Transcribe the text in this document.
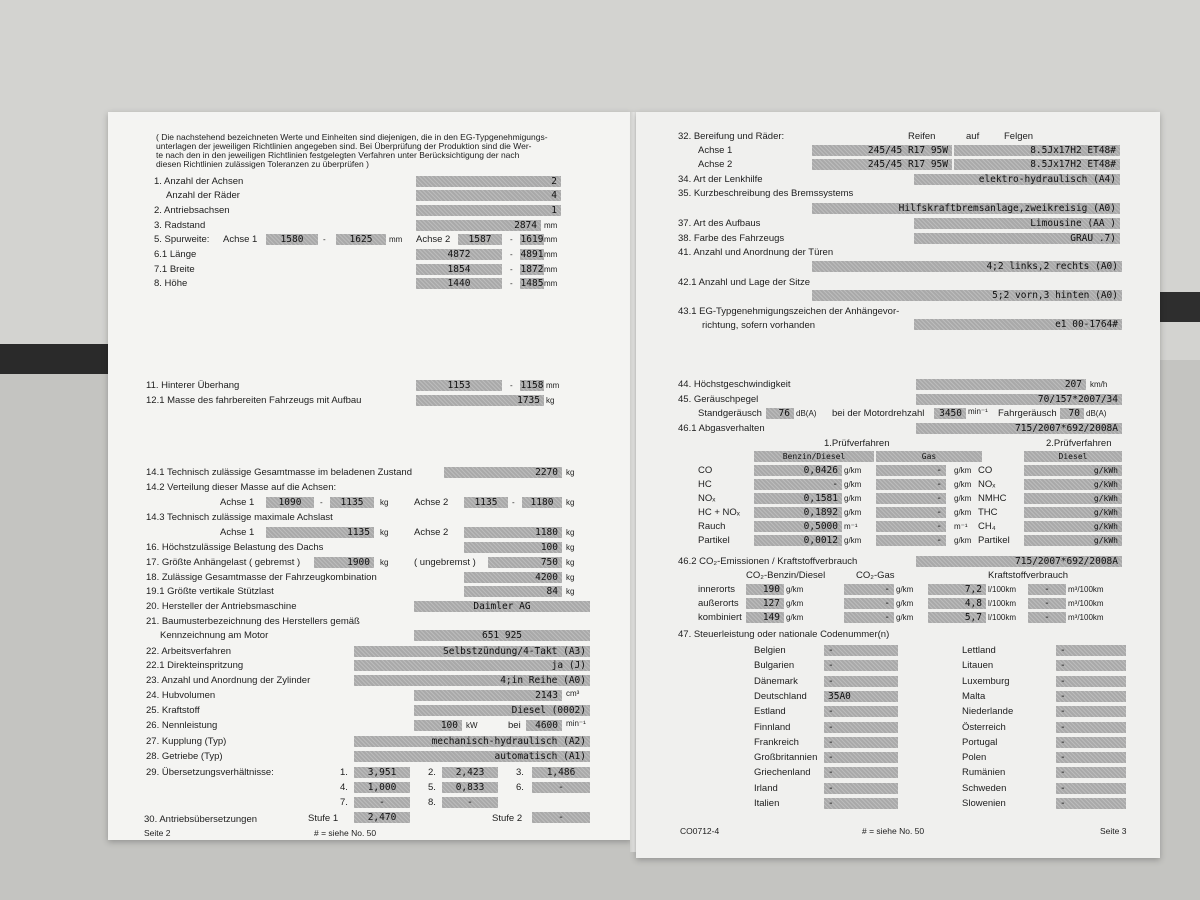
( Die nachstehend bezeichneten Werte und Einheiten sind diejenigen, die in den EG-Typgenehmigungs-
unterlagen der jeweiligen Richtlinien angegeben sind. Bei Überprüfung der Produktion sind die Wer-
te nach den in den jeweiligen Richtlinien festgelegten Verfahren unter Berücksichtigung der nach
diesen Richtlinien zulässigen Toleranzen zu überprüfen )
1. Anzahl der Achsen	2
Anzahl der Räder	4
2. Antriebsachsen	1
3. Radstand	2874 mm
5. Spurweite: Achse 1	1580	-	1625	mm Achse 2	1587	- 1619 mm
6.1 Länge	4872	- 4891 mm
7.1 Breite	1854	- 1872 mm
8. Höhe	1440	- 1485 mm
11. Hinterer Überhang	1153	- 1158 mm
12.1 Masse des fahrbereiten Fahrzeugs mit Aufbau	1735 kg
14.1 Technisch zulässige Gesamtmasse im beladenen Zustand	2270	kg
14.2 Verteilung dieser Masse auf die Achsen:
Achse 1	1090	-	1135	kg	Achse 2	1135	-	1180	kg
14.3 Technisch zulässige maximale Achslast
Achse 1	1135	kg	Achse 2	1180	kg
16. Höchstzulässige Belastung des Dachs	100	kg
17. Größte Anhängelast ( gebremst )	1900	kg	( ungebremst )	750	kg
18. Zulässige Gesamtmasse der Fahrzeugkombination	4200	kg
19.1 Größte vertikale Stützlast	84	kg
20. Hersteller der Antriebsmaschine	Daimler AG
21. Baumusterbezeichnung des Herstellers gemäß
Kennzeichnung am Motor	651 925
22. Arbeitsverfahren	Selbstzündung/4-Takt (A3)
22.1 Direkteinspritzung	ja (J)
23. Anzahl und Anordnung der Zylinder	4;in Reihe (A0)
24. Hubvolumen	2143	cm³
25. Kraftstoff	Diesel (0002)
26. Nennleistung	100	kW	bei	4600	min⁻¹
27. Kupplung (Typ)	mechanisch-hydraulisch (A2)
28. Getriebe (Typ)	automatisch (A1)
29. Übersetzungsverhältnisse:	1.	3,951	2.	2,423	3.	1,486
4.	1,000	5.	0,833	6.	-
7.	-	8.	-
30. Antriebsübersetzungen	Stufe 1	2,470	Stufe 2	-
Seite 2	# = siehe No. 50
32. Bereifung und Räder:	Reifen	auf	Felgen
Achse 1	245/45 R17 95W	8.5Jx17H2 ET48#
Achse 2	245/45 R17 95W	8.5Jx17H2 ET48#
34. Art der Lenkhilfe	elektro-hydraulisch (A4)
35. Kurzbeschreibung des Bremssystems
Hilfskraftbremsanlage,zweikreisig (A0)
37. Art des Aufbaus	Limousine (AA )
38. Farbe des Fahrzeugs	GRAU .7)
41. Anzahl und Anordnung der Türen
4;2 links,2 rechts (A0)
42.1 Anzahl und Lage der Sitze
5;2 vorn,3 hinten (A0)
43.1 EG-Typgenehmigungszeichen der Anhängevor-
richtung, sofern vorhanden	e1 00-1764#
44. Höchstgeschwindigkeit	207	km/h
45. Geräuschpegel	70/157*2007/34
Standgeräusch	76 dB(A) bei der Motordrehzahl	3450 min⁻¹ Fahrgeräusch	70 dB(A)
46.1 Abgasverhalten	715/2007*692/2008A
1.Prüfverfahren	2.Prüfverfahren
Benzin/Diesel	Gas	Diesel
CO	0,0426 g/km	-	g/km CO	g/kWh
HC	- g/km	-	g/km NOₓ	g/kWh
NOₓ	0,1581 g/km	-	g/km NMHC	g/kWh
HC + NOₓ	0,1892 g/km	-	g/km THC	g/kWh
Rauch	0,5000 m⁻¹	-	m⁻¹ CH₄	g/kWh
Partikel	0,0012 g/km	-	g/km Partikel	g/kWh
46.2 CO₂-Emissionen / Kraftstoffverbrauch	715/2007*692/2008A
CO₂-Benzin/Diesel	CO₂-Gas	Kraftstoffverbrauch
innerorts	190 g/km	- g/km	7,2 l/100km	-	m³/100km
außerorts	127 g/km	- g/km	4,8 l/100km	-	m³/100km
kombiniert	149 g/km	- g/km	5,7 l/100km	-	m³/100km
47. Steuerleistung oder nationale Codenummer(n)
Belgien	-
Bulgarien	-
Dänemark	-
Deutschland	35A0
Estland	-
Finnland	-
Frankreich	-
Großbritannien	-
Griechenland	-
Irland	-
Italien	-
Lettland	-
Litauen	-
Luxemburg	-
Malta	-
Niederlande	-
Österreich	-
Portugal	-
Polen	-
Rumänien	-
Schweden	-
Slowenien	-
CO0712-4	# = siehe No. 50	Seite 3
